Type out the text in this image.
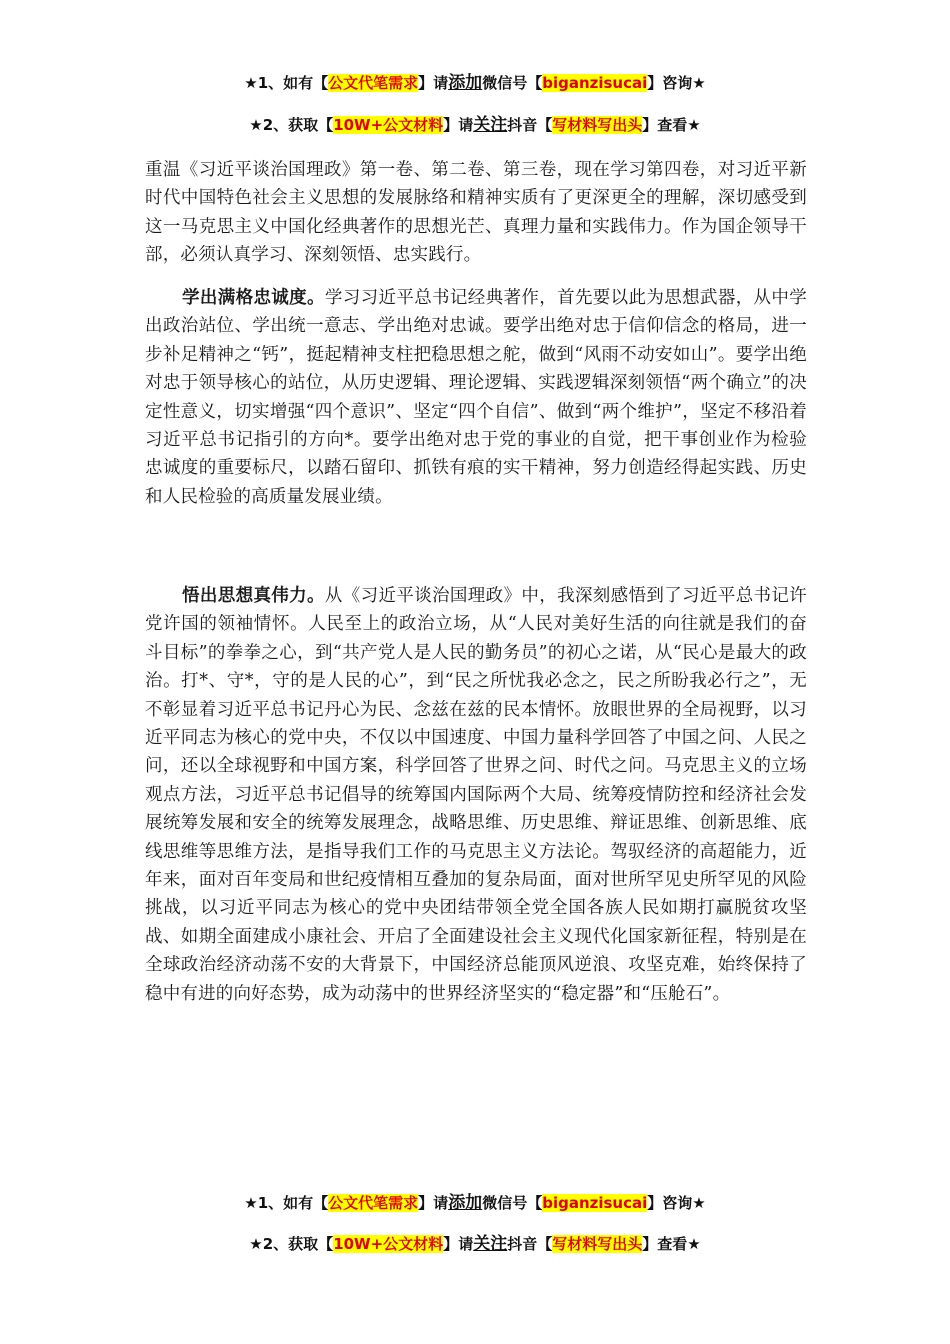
★1、如有【公文代笔需求】请添加微信号【biganzisucai】咨询★
★2、获取【10W+公文材料】请关注抖音【写材料写出头】查看★

重温《习近平谈治国理政》第一卷、第二卷、第三卷，现在学习第四卷，对习近平新时代中国特色社会主义思想的发展脉络和精神实质有了更深更全的理解，深切感受到这一马克思主义中国化经典著作的思想光芒、真理力量和实践伟力。作为国企领导干部，必须认真学习、深刻领悟、忠实践行。

学出满格忠诚度。学习习近平总书记经典著作，首先要以此为思想武器，从中学出政治站位、学出统一意志、学出绝对忠诚。要学出绝对忠于信仰信念的格局，进一步补足精神之“钙”，挺起精神支柱把稳思想之舵，做到“风雨不动安如山”。要学出绝对忠于领导核心的站位，从历史逻辑、理论逻辑、实践逻辑深刻领悟“两个确立”的决定性意义，切实增强“四个意识”、坚定“四个自信”、做到“两个维护”，坚定不移沿着习近平总书记指引的方向*。要学出绝对忠于党的事业的自觉，把干事创业作为检验忠诚度的重要标尺，以踏石留印、抓铁有痕的实干精神，努力创造经得起实践、历史和人民检验的高质量发展业绩。

悟出思想真伟力。从《习近平谈治国理政》中，我深刻感悟到了习近平总书记许党许国的领袖情怀。人民至上的政治立场，从“人民对美好生活的向往就是我们的奋斗目标”的拳拳之心，到“共产党人是人民的勤务员”的初心之诺，从“民心是最大的政治。打*、守*，守的是人民的心”，到“民之所忧我必念之，民之所盼我必行之”，无不彰显着习近平总书记丹心为民、念兹在兹的民本情怀。放眼世界的全局视野，以习近平同志为核心的党中央，不仅以中国速度、中国力量科学回答了中国之问、人民之问，还以全球视野和中国方案，科学回答了世界之问、时代之问。马克思主义的立场观点方法，习近平总书记倡导的统筹国内国际两个大局、统筹疫情防控和经济社会发展统筹发展和安全的统筹发展理念，战略思维、历史思维、辩证思维、创新思维、底线思维等思维方法，是指导我们工作的马克思主义方法论。驾驭经济的高超能力，近年来，面对百年变局和世纪疫情相互叠加的复杂局面，面对世所罕见史所罕见的风险挑战，以习近平同志为核心的党中央团结带领全党全国各族人民如期打赢脱贫攻坚战、如期全面建成小康社会、开启了全面建设社会主义现代化国家新征程，特别是在全球政治经济动荡不安的大背景下，中国经济总能顶风逆浪、攻坚克难，始终保持了稳中有进的向好态势，成为动荡中的世界经济坚实的“稳定器”和“压舱石”。

★1、如有【公文代笔需求】请添加微信号【biganzisucai】咨询★
★2、获取【10W+公文材料】请关注抖音【写材料写出头】查看★
